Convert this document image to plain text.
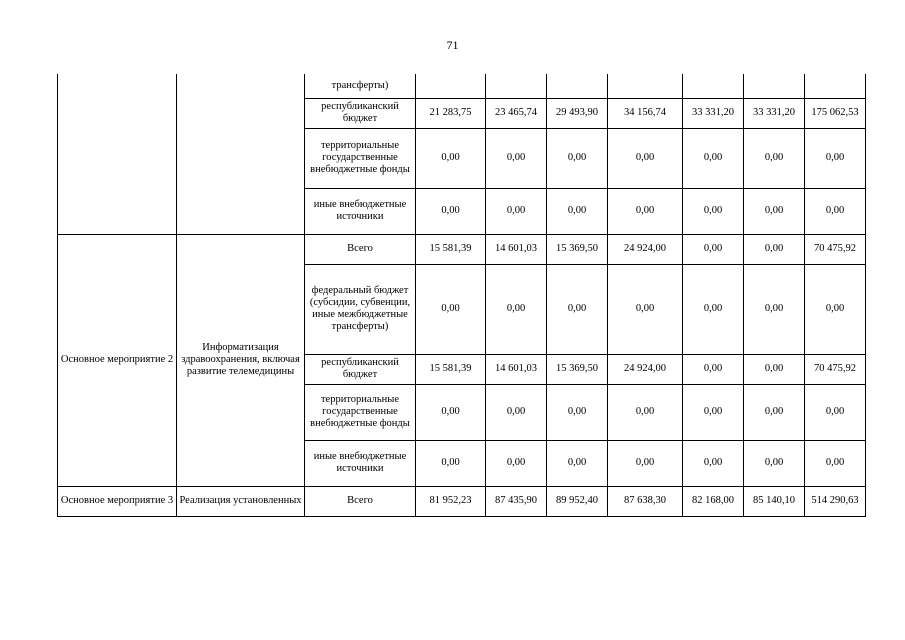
71
		трансферты)							
		республиканский бюджет	21 283,75	23 465,74	29 493,90	34 156,74	33 331,20	33 331,20	175 062,53
		территориальные государственные внебюджетные фонды	0,00	0,00	0,00	0,00	0,00	0,00	0,00
		иные внебюджетные источники	0,00	0,00	0,00	0,00	0,00	0,00	0,00
Основное мероприятие 2	Информатизация здравоохранения, включая развитие телемедицины	Всего	15 581,39	14 601,03	15 369,50	24 924,00	0,00	0,00	70 475,92
		федеральный бюджет (субсидии, субвенции, иные межбюджетные трансферты)	0,00	0,00	0,00	0,00	0,00	0,00	0,00
		республиканский бюджет	15 581,39	14 601,03	15 369,50	24 924,00	0,00	0,00	70 475,92
		территориальные государственные внебюджетные фонды	0,00	0,00	0,00	0,00	0,00	0,00	0,00
		иные внебюджетные источники	0,00	0,00	0,00	0,00	0,00	0,00	0,00
Основное мероприятие 3	Реализация установленных	Всего	81 952,23	87 435,90	89 952,40	87 638,30	82 168,00	85 140,10	514 290,63
